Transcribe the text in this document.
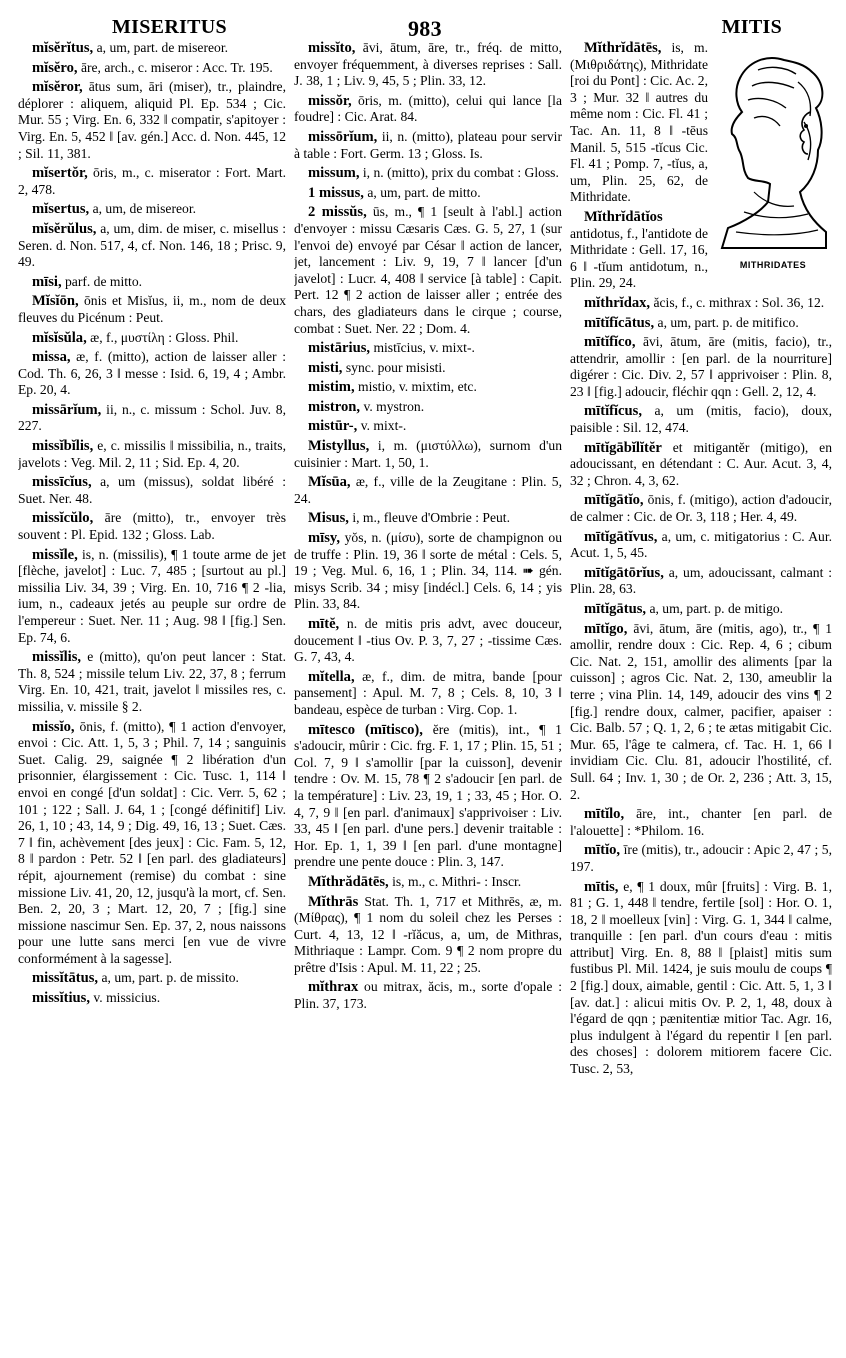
MISERITUS	983	MITIS

mĭsĕrĭtus, a, um, part. de misereor.

mĭsĕro, āre, arch., c. miseror : Acc. Tr. 195.

mĭsĕror, ātus sum, āri (miser), tr., plaindre, déplorer : aliquem, aliquid Pl. Ep. 534 ; Cic. Mur. 55 ; Virg. En. 6, 332 ‖ compatir, s'apitoyer : Virg. En. 5, 452 ‖ [av. gén.] Acc. d. Non. 445, 12 ; Sil. 11, 381.

mĭsertŏr, ōris, m., c. miserator : Fort. Mart. 2, 478.

mĭsertus, a, um, de misereor.

mĭsĕrŭlus, a, um, dim. de miser, c. misellus : Seren. d. Non. 517, 4, cf. Non. 146, 18 ; Prisc. 9, 49.

mīsi, parf. de mitto.

Mĭsĭōn, ōnis et Misĭus, ii, m., nom de deux fleuves du Picénum : Peut.

mĭsĭsŭla, æ, f., μυστίλη : Gloss. Phil.

missa, æ, f. (mitto), action de laisser aller : Cod. Th. 6, 26, 3 ‖ messe : Isid. 6, 19, 4 ; Ambr. Ep. 20, 4.

missārĭum, ii, n., c. missum : Schol. Juv. 8, 227.

missĭbĭlis, e, c. missilis ‖ missibilia, n., traits, javelots : Veg. Mil. 2, 11 ; Sid. Ep. 4, 20.

missīcĭus, a, um (missus), soldat libéré : Suet. Ner. 48.

missĭcŭlo, āre (mitto), tr., envoyer très souvent : Pl. Epid. 132 ; Gloss. Lab.

missĭle, is, n. (missilis), ¶ 1 toute arme de jet [flèche, javelot] : Luc. 7, 485 ; [surtout au pl.] missilia Liv. 34, 39 ; Virg. En. 10, 716 ¶ 2 -lia, ium, n., cadeaux jetés au peuple sur ordre de l'empereur : Suet. Ner. 11 ; Aug. 98 ‖ [fig.] Sen. Ep. 74, 6.

missĭlis, e (mitto), qu'on peut lancer : Stat. Th. 8, 524 ; missile telum Liv. 22, 37, 8 ; ferrum Virg. En. 10, 421, trait, javelot ‖ missiles res, c. missilia, v. missile § 2.

missĭo, ōnis, f. (mitto), ¶ 1 action d'envoyer, envoi : Cic. Att. 1, 5, 3 ; Phil. 7, 14 ; sanguinis Suet. Calig. 29, saignée ¶ 2 libération d'un prisonnier, élargissement : Cic. Tusc. 1, 114 ‖ envoi en congé [d'un soldat] : Cic. Verr. 5, 62 ; 101 ; 122 ; Sall. J. 64, 1 ; [congé définitif] Liv. 26, 1, 10 ; 43, 14, 9 ; Dig. 49, 16, 13 ; Suet. Cæs. 7 ‖ fin, achèvement [des jeux] : Cic. Fam. 5, 12, 8 ‖ pardon : Petr. 52 ‖ [en parl. des gladiateurs] répit, ajournement (remise) du combat : sine missione Liv. 41, 20, 12, jusqu'à la mort, cf. Sen. Ben. 2, 20, 3 ; Mart. 12, 20, 7 ; [fig.] sine missione nascimur Sen. Ep. 37, 2, nous naissons pour une lutte sans merci [en vue de vivre conformément à la sagesse].

missĭtātus, a, um, part. p. de missito.

missĭtius, v. missicius.

missĭto, āvi, ātum, āre, tr., fréq. de mitto, envoyer fréquemment, à diverses reprises : Sall. J. 38, 1 ; Liv. 9, 45, 5 ; Plin. 33, 12.

missŏr, ōris, m. (mitto), celui qui lance [la foudre] : Cic. Arat. 84.

missōrĭum, ii, n. (mitto), plateau pour servir à table : Fort. Germ. 13 ; Gloss. Is.

missum, i, n. (mitto), prix du combat : Gloss.

1 missus, a, um, part. de mitto.

2 missŭs, ūs, m., ¶ 1 [seult à l'abl.] action d'envoyer : missu Cæsaris Cæs. G. 5, 27, 1 (sur l'envoi de) envoyé par César ‖ action de lancer, jet, lancement : Liv. 9, 19, 7 ‖ lancer [d'un javelot] : Lucr. 4, 408 ‖ service [à table] : Capit. Pert. 12 ¶ 2 action de laisser aller ; entrée des chars, des gladiateurs dans le cirque ; course, combat : Suet. Ner. 22 ; Dom. 4.

mistārius, mistīcius, v. mixt-.

misti, sync. pour misisti.

mistim, mistio, v. mixtim, etc.

mistron, v. mystron.

mistūr-, v. mixt-.

Mistyllus, i, m. (μιστύλλω), surnom d'un cuisinier : Mart. 1, 50, 1.

Mĭsūa, æ, f., ville de la Zeugitane : Plin. 5, 24.

Misus, i, m., fleuve d'Ombrie : Peut.

mīsy, yŏs, n. (μίσυ), sorte de champignon ou de truffe : Plin. 19, 36 ‖ sorte de métal : Cels. 5, 19 ; Veg. Mul. 6, 16, 1 ; Plin. 34, 114. ➠ gén. misys Scrib. 34 ; misy [indécl.] Cels. 6, 14 ; yis Plin. 33, 84.

mītĕ, n. de mitis pris advt, avec douceur, doucement ‖ -tius Ov. P. 3, 7, 27 ; -tissime Cæs. G. 7, 43, 4.

mĭtella, æ, f., dim. de mitra, bande [pour pansement] : Apul. M. 7, 8 ; Cels. 8, 10, 3 ‖ bandeau, espèce de turban : Virg. Cop. 1.

mītesco (mītisco), ĕre (mitis), int., ¶ 1 s'adoucir, mûrir : Cic. frg. F. 1, 17 ; Plin. 15, 51 ; Col. 7, 9 ‖ s'amollir [par la cuisson], devenir tendre : Ov. M. 15, 78 ¶ 2 s'adoucir [en parl. de la température] : Liv. 23, 19, 1 ; 33, 45 ; Hor. O. 4, 7, 9 ‖ [en parl. d'animaux] s'apprivoiser : Liv. 33, 45 ‖ [en parl. d'une pers.] devenir traitable : Hor. Ep. 1, 1, 39 ‖ [en parl. d'une montagne] prendre une pente douce : Plin. 3, 147.

Mĭthrădātēs, is, m., c. Mithri- : Inscr.

Mĭthrās Stat. Th. 1, 717 et Mithrēs, æ, m. (Μίθρας), ¶ 1 nom du soleil chez les Perses : Curt. 4, 13, 12 ‖ -rĭăcus, a, um, de Mithras, Mithriaque : Lampr. Com. 9 ¶ 2 nom propre du prêtre d'Isis : Apul. M. 11, 22 ; 25.

mĭthrax ou mitrax, ăcis, m., sorte d'opale : Plin. 37, 173.

MITHRIDATES

Mĭthrĭdātēs, is, m. (Μιθριδάτης), Mithridate [roi du Pont] : Cic. Ac. 2, 3 ; Mur. 32 ‖ autres du même nom : Cic. Fl. 41 ; Tac. An. 11, 8 ‖ -tēus Manil. 5, 515 -tĭcus Cic. Fl. 41 ; Pomp. 7, -tĭus, a, um, Plin. 25, 62, de Mithridate.

Mĭthrĭdātĭos antidotus, f., l'antidote de Mithridate : Gell. 17, 16, 6 ‖ -tĭum antidotum, n., Plin. 29, 24.

mĭthrĭdax, ăcis, f., c. mithrax : Sol. 36, 12.

mītĭfĭcātus, a, um, part. p. de mitifico.

mītĭfĭco, āvi, ātum, āre (mitis, facio), tr., attendrir, amollir : [en parl. de la nourriture] digérer : Cic. Div. 2, 57 ‖ apprivoiser : Plin. 8, 23 ‖ [fig.] adoucir, fléchir qqn : Gell. 2, 12, 4.

mītĭfĭcus, a, um (mitis, facio), doux, paisible : Sil. 12, 474.

mītĭgābĭlĭtĕr et mitigantĕr (mitigo), en adoucissant, en détendant : C. Aur. Acut. 3, 4, 32 ; Chron. 4, 3, 62.

mītĭgātĭo, ōnis, f. (mitigo), action d'adoucir, de calmer : Cic. de Or. 3, 118 ; Her. 4, 49.

mītĭgātĭvus, a, um, c. mitigatorius : C. Aur. Acut. 1, 5, 45.

mītĭgātōrĭus, a, um, adoucissant, calmant : Plin. 28, 63.

mītĭgātus, a, um, part. p. de mitigo.

mītĭgo, āvi, ātum, āre (mitis, ago), tr., ¶ 1 amollir, rendre doux : Cic. Rep. 4, 6 ; cibum Cic. Nat. 2, 151, amollir des aliments [par la cuisson] ; agros Cic. Nat. 2, 130, ameublir la terre ; vina Plin. 14, 149, adoucir des vins ¶ 2 [fig.] rendre doux, calmer, pacifier, apaiser : Cic. Balb. 57 ; Q. 1, 2, 6 ; te ætas mitigabit Cic. Mur. 65, l'âge te calmera, cf. Tac. H. 1, 66 ‖ invidiam Cic. Clu. 81, adoucir l'hostilité, cf. Sull. 64 ; Inv. 1, 30 ; de Or. 2, 236 ; Att. 3, 15, 2.

mītĭlo, āre, int., chanter [en parl. de l'alouette] : *Philom. 16.

mītĭo, īre (mitis), tr., adoucir : Apic 2, 47 ; 5, 197.

mītis, e, ¶ 1 doux, mûr [fruits] : Virg. B. 1, 81 ; G. 1, 448 ‖ tendre, fertile [sol] : Hor. O. 1, 18, 2 ‖ moelleux [vin] : Virg. G. 1, 344 ‖ calme, tranquille : [en parl. d'un cours d'eau : mitis attribut] Virg. En. 8, 88 ‖ [plaist] mitis sum fustibus Pl. Mil. 1424, je suis moulu de coups ¶ 2 [fig.] doux, aimable, gentil : Cic. Att. 5, 1, 3 ‖ [av. dat.] : alicui mitis Ov. P. 2, 1, 48, doux à l'égard de qqn ; pænitentiæ mitior Tac. Agr. 16, plus indulgent à l'égard du repentir ‖ [en parl. des choses] : dolorem mitiorem facere Cic. Tusc. 2, 53,
